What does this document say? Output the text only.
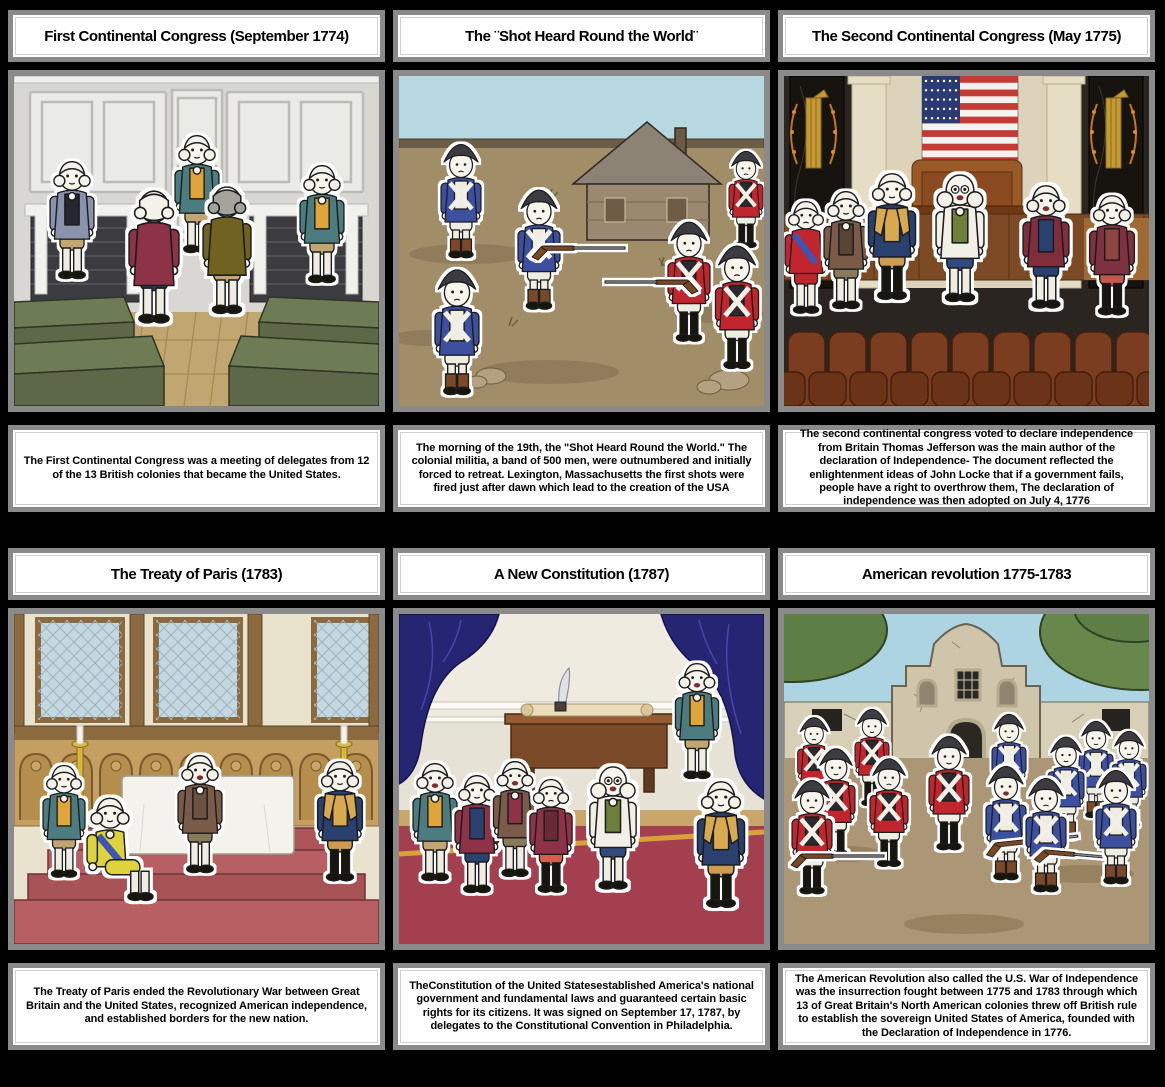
First Continental Congress (September 1774)

The First Continental Congress was a meeting of delegates from 12 of the 13 British colonies that became the United States.

The ¨Shot Heard Round the World¨

The morning of the 19th, the "Shot Heard Round the World." The colonial militia, a band of 500 men, were outnumbered and initially forced to retreat. Lexington, Massachusetts the first shots were fired just after dawn which lead to the creation of the USA

The Second Continental Congress (May 1775)

The second continental congress voted to declare independence from Britain Thomas Jefferson was the main author of the declaration of Independence- The document reflected the enlightenment ideas of John Locke that if a government fails, people have a right to overthrow them, The declaration of independence was then adopted on July 4, 1776

The Treaty of Paris (1783)

The Treaty of Paris ended the Revolutionary War between Great Britain and the United States, recognized American independence, and established borders for the new nation.

A New Constitution (1787)

TheConstitution of the United Statesestablished America's national government and fundamental laws and guaranteed certain basic rights for its citizens. It was signed on September 17, 1787, by delegates to the Constitutional Convention in Philadelphia.

American revolution 1775-1783

The American Revolution also called the U.S. War of Independence was the insurrection fought between 1775 and 1783 through which 13 of Great Britain's North American colonies threw off British rule to establish the sovereign United States of America, founded with the Declaration of Independence in 1776.
